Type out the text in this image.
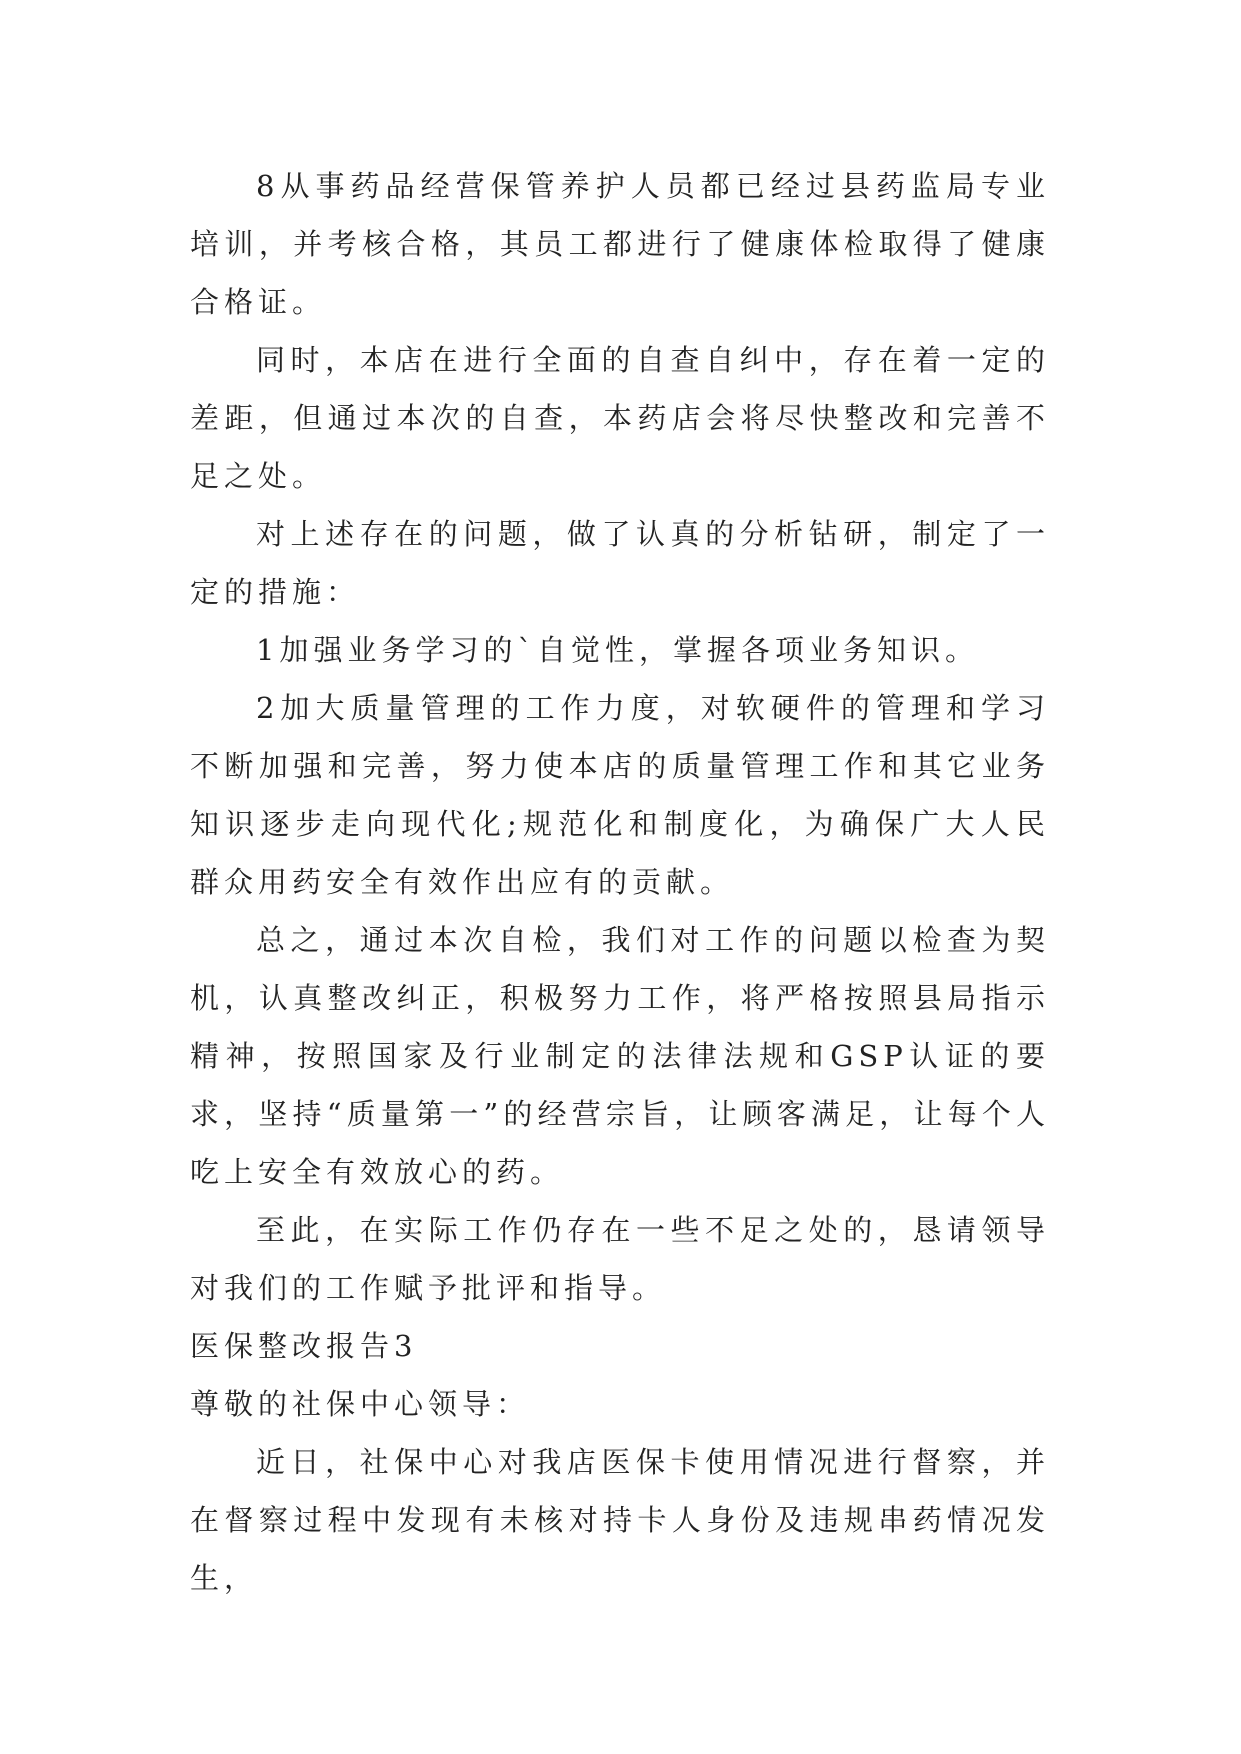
8从事药品经营保管养护人员都已经过县药监局专业培训，并考核合格，其员工都进行了健康体检取得了健康合格证。

同时，本店在进行全面的自查自纠中，存在着一定的差距，但通过本次的自查，本药店会将尽快整改和完善不足之处。

对上述存在的问题，做了认真的分析钻研，制定了一定的措施：

1加强业务学习的`自觉性，掌握各项业务知识。

2加大质量管理的工作力度，对软硬件的管理和学习不断加强和完善，努力使本店的质量管理工作和其它业务知识逐步走向现代化;规范化和制度化，为确保广大人民群众用药安全有效作出应有的贡献。

总之，通过本次自检，我们对工作的问题以检查为契机，认真整改纠正，积极努力工作，将严格按照县局指示精神，按照国家及行业制定的法律法规和GSP认证的要求，坚持“质量第一”的经营宗旨，让顾客满足，让每个人吃上安全有效放心的药。

至此，在实际工作仍存在一些不足之处的，恳请领导对我们的工作赋予批评和指导。

医保整改报告3

尊敬的社保中心领导：

近日，社保中心对我店医保卡使用情况进行督察，并在督察过程中发现有未核对持卡人身份及违规串药情况发生，
